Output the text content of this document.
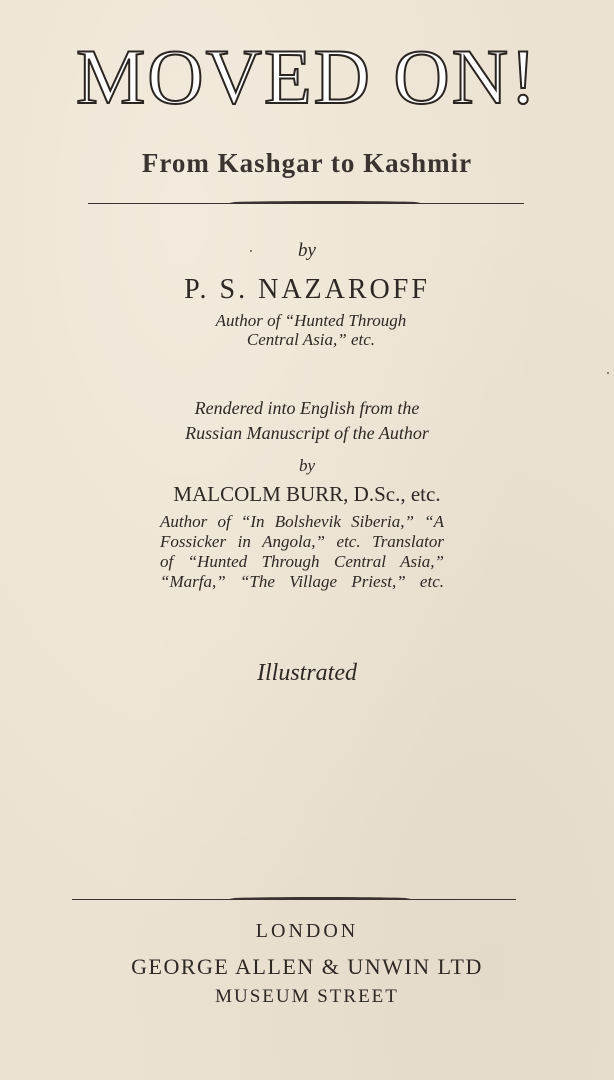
MOVED ON!
From Kashgar to Kashmir
by
P. S. NAZAROFF
Author of “Hunted Through
Central Asia,” etc.
Rendered into English from the
Russian Manuscript of the Author
by
MALCOLM BURR, D.Sc., etc.
Author of “In Bolshevik Siberia,” “A
Fossicker in Angola,” etc. Translator
of “Hunted Through Central Asia,”
“Marfa,” “The Village Priest,” etc.
Illustrated
LONDON
GEORGE ALLEN & UNWIN LTD
MUSEUM STREET
